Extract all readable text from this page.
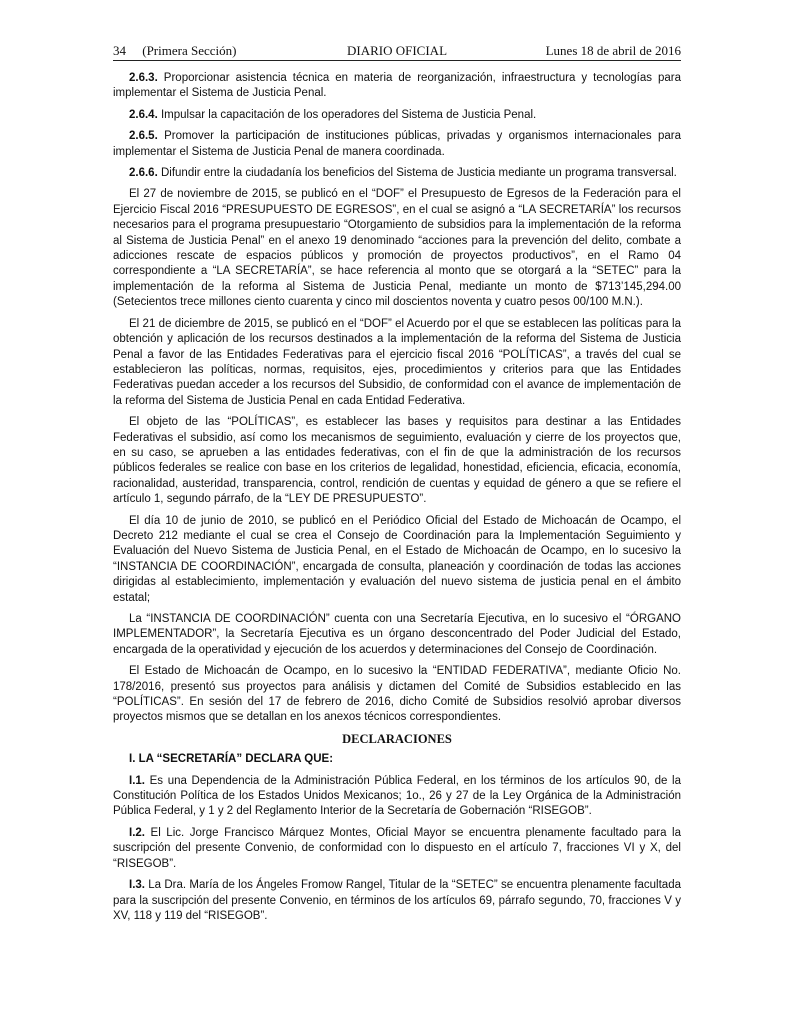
34     (Primera Sección)	DIARIO OFICIAL	Lunes 18 de abril de 2016

2.6.3. Proporcionar asistencia técnica en materia de reorganización, infraestructura y tecnologías para implementar el Sistema de Justicia Penal.

2.6.4. Impulsar la capacitación de los operadores del Sistema de Justicia Penal.

2.6.5. Promover la participación de instituciones públicas, privadas y organismos internacionales para implementar el Sistema de Justicia Penal de manera coordinada.

2.6.6. Difundir entre la ciudadanía los beneficios del Sistema de Justicia mediante un programa transversal.

El 27 de noviembre de 2015, se publicó en el “DOF” el Presupuesto de Egresos de la Federación para el Ejercicio Fiscal 2016 “PRESUPUESTO DE EGRESOS”, en el cual se asignó a “LA SECRETARÍA” los recursos necesarios para el programa presupuestario “Otorgamiento de subsidios para la implementación de la reforma al Sistema de Justicia Penal” en el anexo 19 denominado “acciones para la prevención del delito, combate a adicciones rescate de espacios públicos y promoción de proyectos productivos”, en el Ramo 04 correspondiente a “LA SECRETARÍA”, se hace referencia al monto que se otorgará a la “SETEC” para la implementación de la reforma al Sistema de Justicia Penal, mediante un monto de $713’145,294.00 (Setecientos trece millones ciento cuarenta y cinco mil doscientos noventa y cuatro pesos 00/100 M.N.).

El 21 de diciembre de 2015, se publicó en el “DOF” el Acuerdo por el que se establecen las políticas para la obtención y aplicación de los recursos destinados a la implementación de la reforma del Sistema de Justicia Penal a favor de las Entidades Federativas para el ejercicio fiscal 2016 “POLÍTICAS”, a través del cual se establecieron las políticas, normas, requisitos, ejes, procedimientos y criterios para que las Entidades Federativas puedan acceder a los recursos del Subsidio, de conformidad con el avance de implementación de la reforma del Sistema de Justicia Penal en cada Entidad Federativa.

El objeto de las “POLÍTICAS”, es establecer las bases y requisitos para destinar a las Entidades Federativas el subsidio, así como los mecanismos de seguimiento, evaluación y cierre de los proyectos que, en su caso, se aprueben a las entidades federativas, con el fin de que la administración de los recursos públicos federales se realice con base en los criterios de legalidad, honestidad, eficiencia, eficacia, economía, racionalidad, austeridad, transparencia, control, rendición de cuentas y equidad de género a que se refiere el artículo 1, segundo párrafo, de la “LEY DE PRESUPUESTO”.

El día 10 de junio de 2010, se publicó en el Periódico Oficial del Estado de Michoacán de Ocampo, el Decreto 212 mediante el cual se crea el Consejo de Coordinación para la Implementación Seguimiento y Evaluación del Nuevo Sistema de Justicia Penal, en el Estado de Michoacán de Ocampo, en lo sucesivo la “INSTANCIA DE COORDINACIÓN”, encargada de consulta, planeación y coordinación de todas las acciones dirigidas al establecimiento, implementación y evaluación del nuevo sistema de justicia penal en el ámbito estatal;

La “INSTANCIA DE COORDINACIÓN” cuenta con una Secretaría Ejecutiva, en lo sucesivo el “ÓRGANO IMPLEMENTADOR”, la Secretaría Ejecutiva es un órgano desconcentrado del Poder Judicial del Estado, encargada de la operatividad y ejecución de los acuerdos y determinaciones del Consejo de Coordinación.

El Estado de Michoacán de Ocampo, en lo sucesivo la “ENTIDAD FEDERATIVA”, mediante Oficio No. 178/2016, presentó sus proyectos para análisis y dictamen del Comité de Subsidios establecido en las “POLÍTICAS”. En sesión del 17 de febrero de 2016, dicho Comité de Subsidios resolvió aprobar diversos proyectos mismos que se detallan en los anexos técnicos correspondientes.

DECLARACIONES

I. LA “SECRETARÍA” DECLARA QUE:

I.1. Es una Dependencia de la Administración Pública Federal, en los términos de los artículos 90, de la Constitución Política de los Estados Unidos Mexicanos; 1o., 26 y 27 de la Ley Orgánica de la Administración Pública Federal, y 1 y 2 del Reglamento Interior de la Secretaría de Gobernación “RISEGOB”.

I.2. El Lic. Jorge Francisco Márquez Montes, Oficial Mayor se encuentra plenamente facultado para la suscripción del presente Convenio, de conformidad con lo dispuesto en el artículo 7, fracciones VI y X, del “RISEGOB”.

I.3. La Dra. María de los Ángeles Fromow Rangel, Titular de la “SETEC” se encuentra plenamente facultada para la suscripción del presente Convenio, en términos de los artículos 69, párrafo segundo, 70, fracciones V y XV, 118 y 119 del “RISEGOB”.
